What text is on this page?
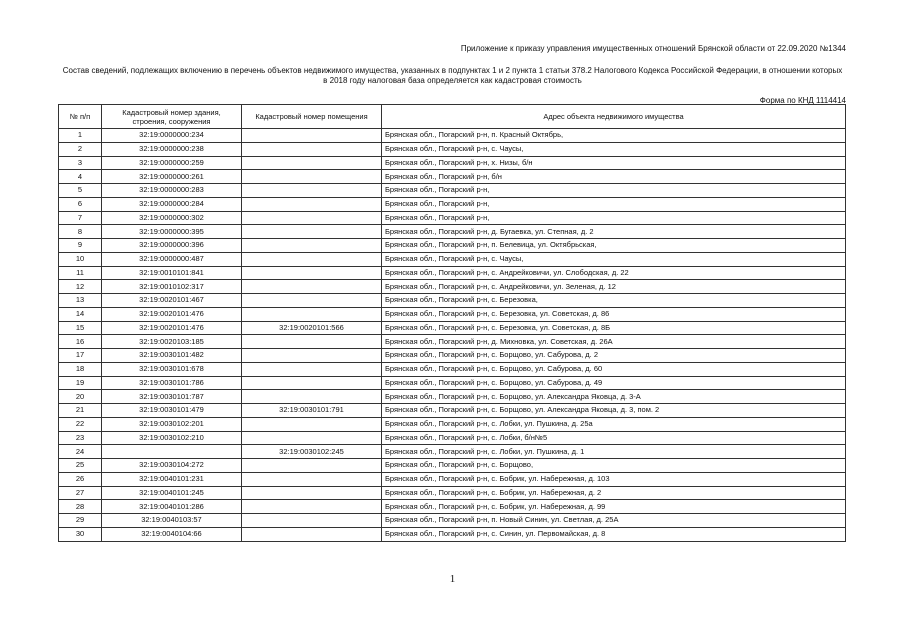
Приложение к приказу управления имущественных отношений Брянской области от 22.09.2020 №1344
Состав сведений, подлежащих включению в перечень объектов недвижимого имущества, указанных в подпунктах 1 и 2 пункта 1 статьи 378.2 Налогового Кодекса Российской Федерации, в отношении которых в 2018 году налоговая база определяется как кадастровая стоимость
Форма по КНД 1114414
№ п/п	Кадастровый номер здания, строения, сооружения	Кадастровый номер помещения	Адрес объекта недвижимого имущества
1	32:19:0000000:234		Брянская обл., Погарский р-н, п. Красный Октябрь,
2	32:19:0000000:238		Брянская обл., Погарский р-н, с. Чаусы,
3	32:19:0000000:259		Брянская обл., Погарский р-н, х. Низы, б/н
4	32:19:0000000:261		Брянская обл., Погарский р-н, б/н
5	32:19:0000000:283		Брянская обл., Погарский р-н,
6	32:19:0000000:284		Брянская обл., Погарский р-н,
7	32:19:0000000:302		Брянская обл., Погарский р-н,
8	32:19:0000000:395		Брянская обл., Погарский р-н, д. Бугаевка, ул. Степная, д. 2
9	32:19:0000000:396		Брянская обл., Погарский р-н, п. Белевица, ул. Октябрьская,
10	32:19:0000000:487		Брянская обл., Погарский р-н, с. Чаусы,
11	32:19:0010101:841		Брянская обл., Погарский р-н, с. Андрейковичи, ул. Слободская, д. 22
12	32:19:0010102:317		Брянская обл., Погарский р-н, с. Андрейковичи, ул. Зеленая, д. 12
13	32:19:0020101:467		Брянская обл., Погарский р-н, с. Березовка,
14	32:19:0020101:476		Брянская обл., Погарский р-н, с. Березовка, ул. Советская, д. 86
15	32:19:0020101:476	32:19:0020101:566	Брянская обл., Погарский р-н, с. Березовка, ул. Советская, д. 8Б
16	32:19:0020103:185		Брянская обл., Погарский р-н, д. Михновка, ул. Советская, д. 26А
17	32:19:0030101:482		Брянская обл., Погарский р-н, с. Борщово, ул. Сабурова, д. 2
18	32:19:0030101:678		Брянская обл., Погарский р-н, с. Борщово, ул. Сабурова, д. 60
19	32:19:0030101:786		Брянская обл., Погарский р-н, с. Борщово, ул. Сабурова, д. 49
20	32:19:0030101:787		Брянская обл., Погарский р-н, с. Борщово, ул. Александра Яковца, д. 3-А
21	32:19:0030101:479	32:19:0030101:791	Брянская обл., Погарский р-н, с. Борщово, ул. Александра Яковца, д. 3, пом. 2
22	32:19:0030102:201		Брянская обл., Погарский р-н, с. Лобки, ул. Пушкина, д. 25а
23	32:19:0030102:210		Брянская обл., Погарский р-н, с. Лобки, б/н№5
24		32:19:0030102:245	Брянская обл., Погарский р-н, с. Лобки, ул. Пушкина, д. 1
25	32:19:0030104:272		Брянская обл., Погарский р-н, с. Борщово,
26	32:19:0040101:231		Брянская обл., Погарский р-н, с. Бобрик, ул. Набережная, д. 103
27	32:19:0040101:245		Брянская обл., Погарский р-н, с. Бобрик, ул. Набережная, д. 2
28	32:19:0040101:286		Брянская обл., Погарский р-н, с. Бобрик, ул. Набережная, д. 99
29	32:19:0040103:57		Брянская обл., Погарский р-н, п. Новый Синин, ул. Светлая, д. 25А
30	32:19:0040104:66		Брянская обл., Погарский р-н, с. Синин, ул. Первомайская, д. 8
1
